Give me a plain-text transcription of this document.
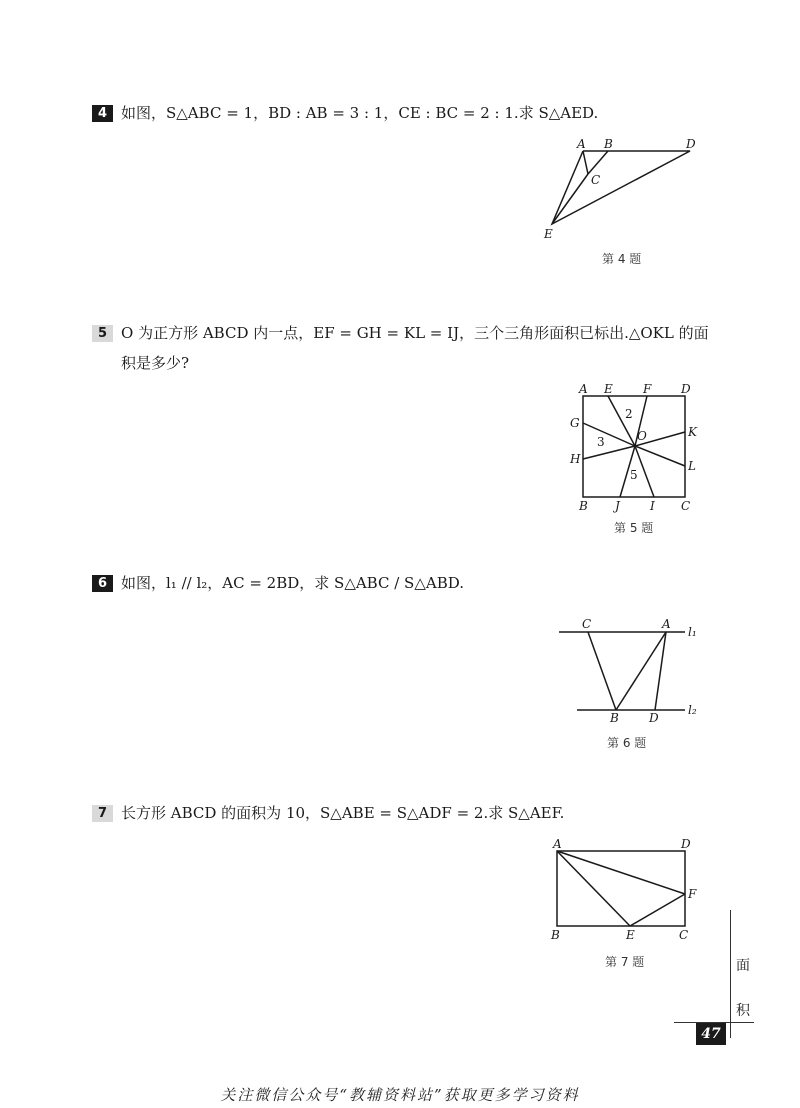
4 如图，S△ABC = 1，BD : AB = 3 : 1，CE : BC = 2 : 1.求 S△AED.
A B	D
C
E
第 4 题
5 O 为正方形 ABCD 内一点，EF = GH = KL = IJ，三个三角形面积已标出.△OKL 的面
积是多少?
A E	F D
G
K
O
H	L
B J	I C
2
3
5
第 5 题
6 如图，l₁ // l₂，AC = 2BD，求 S△ABC / S△ABD.
C	A
l₁
B	D
l₂
第 6 题
7 长方形 ABCD 的面积为 10，S△ABE = S△ADF = 2.求 S△AEF.
A	D
F
B	E	C
第 7 题	面
积
47
关注微信公众号“教辅资料站”获取更多学习资料
